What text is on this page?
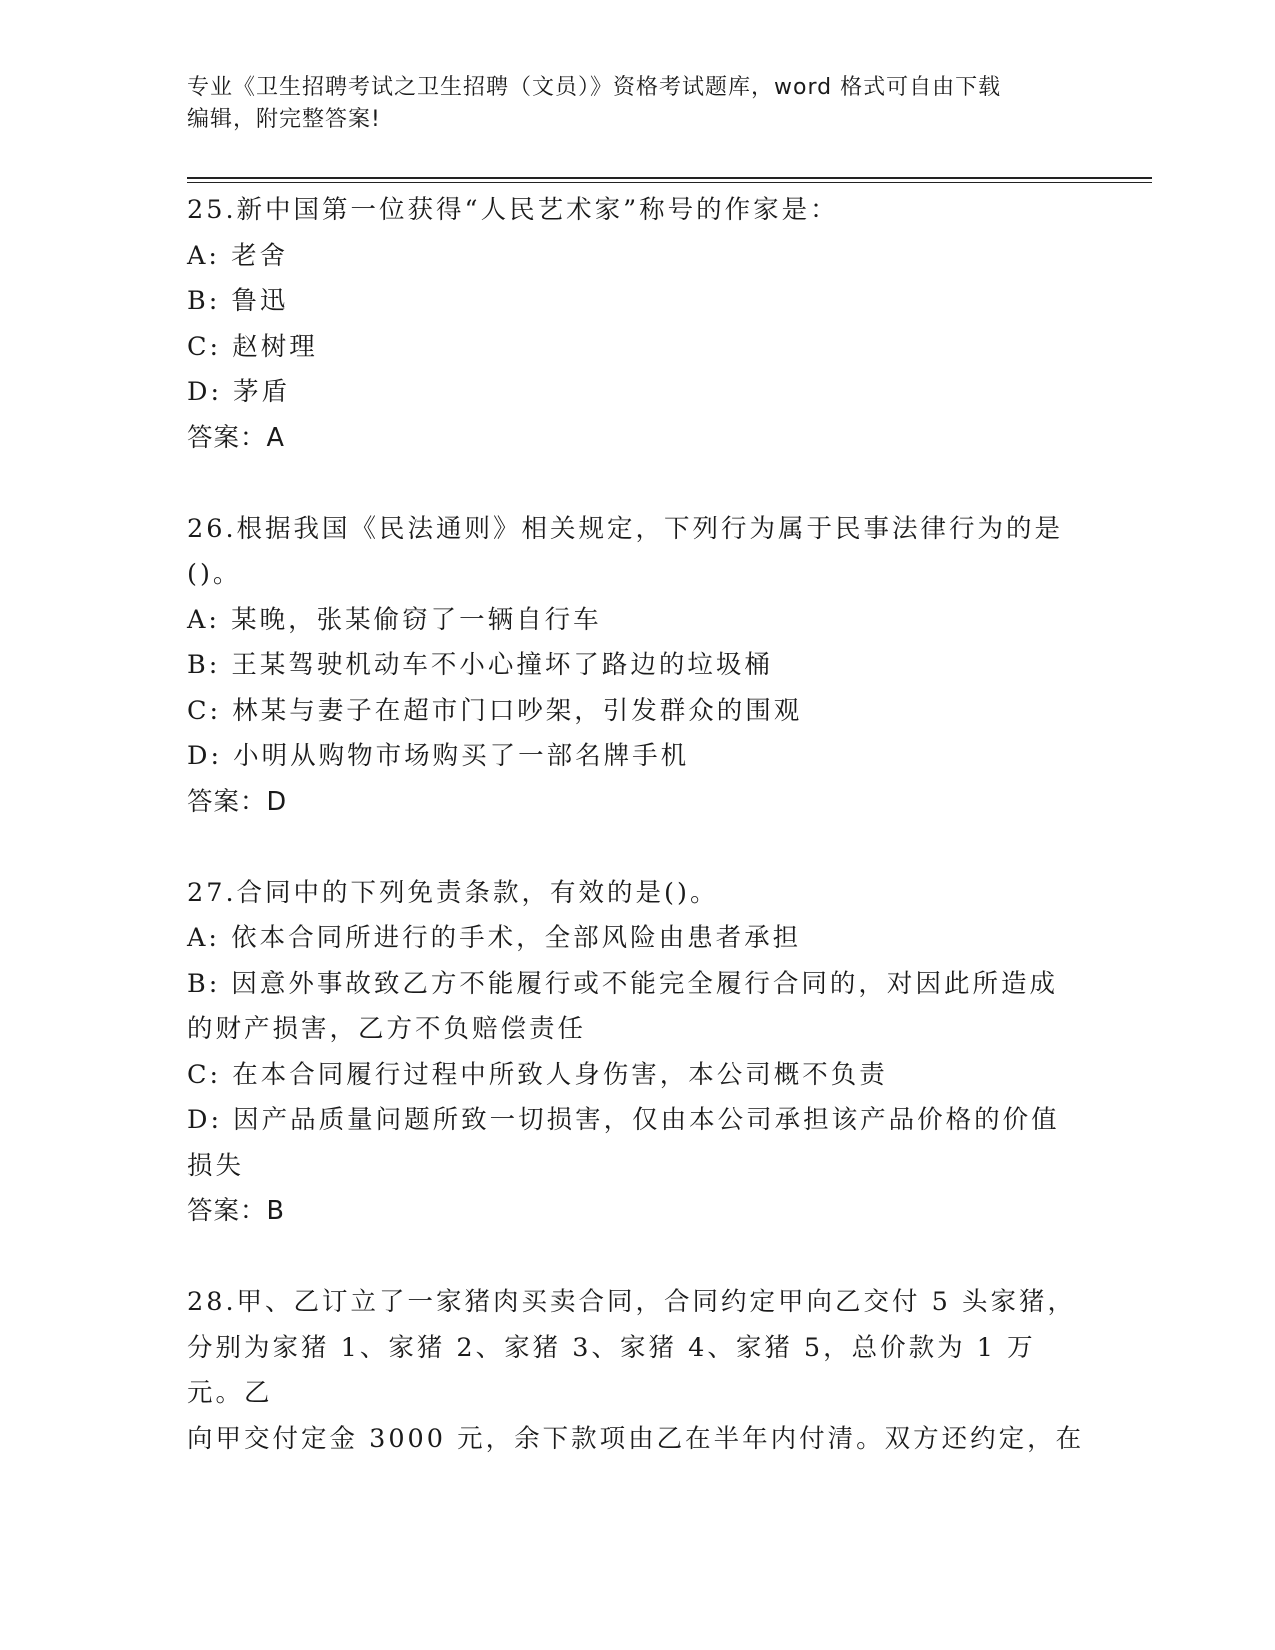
专业《卫生招聘考试之卫生招聘（文员）》资格考试题库，word 格式可自由下载
编辑，附完整答案!
25.新中国第一位获得“人民艺术家”称号的作家是：
A: 老舍
B: 鲁迅
C: 赵树理
D: 茅盾
答案：A
26.根据我国《民法通则》相关规定，下列行为属于民事法律行为的是
()。
A: 某晚，张某偷窃了一辆自行车
B: 王某驾驶机动车不小心撞坏了路边的垃圾桶
C: 林某与妻子在超市门口吵架，引发群众的围观
D: 小明从购物市场购买了一部名牌手机
答案：D
27.合同中的下列免责条款，有效的是()。
A: 依本合同所进行的手术，全部风险由患者承担
B: 因意外事故致乙方不能履行或不能完全履行合同的，对因此所造成
的财产损害，乙方不负赔偿责任
C: 在本合同履行过程中所致人身伤害，本公司概不负责
D: 因产品质量问题所致一切损害，仅由本公司承担该产品价格的价值
损失
答案：B
28.甲、乙订立了一家猪肉买卖合同，合同约定甲向乙交付 5 头家猪，
分别为家猪 1、家猪 2、家猪 3、家猪 4、家猪 5，总价款为 1 万元。乙
向甲交付定金 3000 元，余下款项由乙在半年内付清。双方还约定，在
